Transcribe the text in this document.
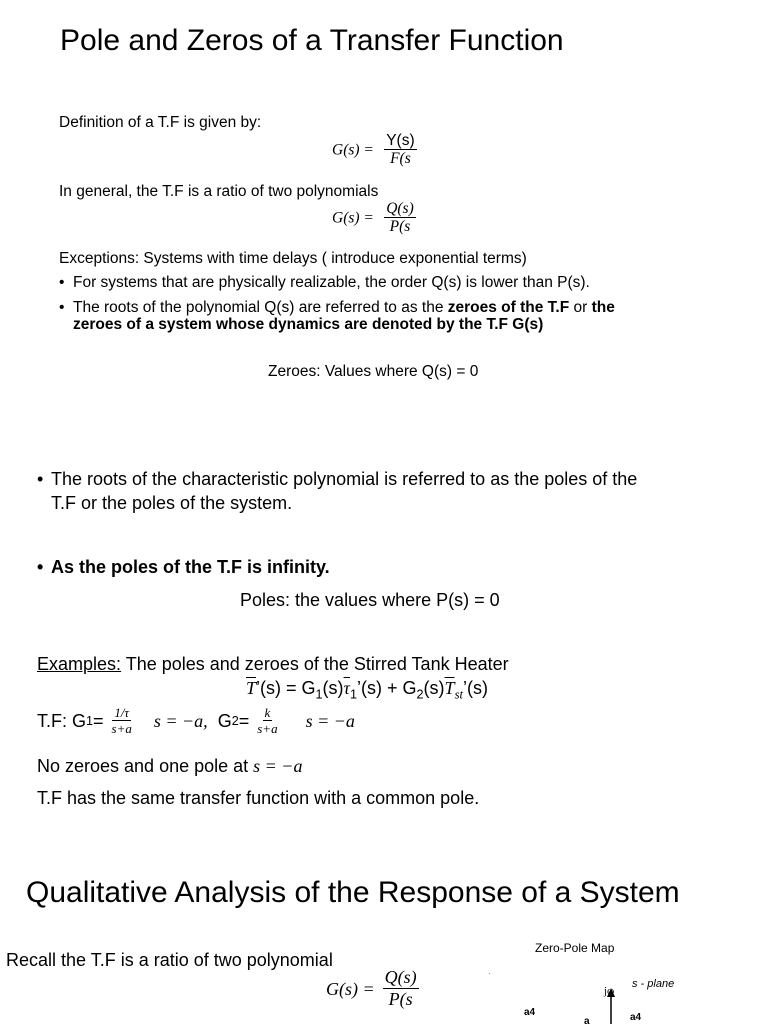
Pole and Zeros of a Transfer Function
Definition of a T.F is given by:
$G(s) = \frac{Y(s)}{F(s}$
In general, the T.F is a ratio of two polynomials
$G(s) = \frac{Q(s)}{P(s}$
Exceptions: Systems with time delays ( introduce exponential terms)
• For systems that are physically realizable, the order Q(s) is lower than P(s).
• The roots of the polynomial Q(s) are referred to as the zeroes of the T.F or the
zeroes of a system whose dynamics are denoted by the T.F G(s)
Zeroes: Values where Q(s) = 0
• The roots of the characteristic polynomial is referred to as the poles of the
T.F or the poles of the system.
• As the poles of the T.F is infinity.
Poles: the values where P(s) = 0
Examples: The poles and zeroes of the Stirred Tank Heater
$\overline{T}’(s)$ = $G_1(s)\overline{\tau}_1’(s)$ + $G_2(s)\overline{T}_{st}’(s)$
T.F: G $1 = \frac{1/\tau}{s+a}$ s = −a, G $2 = \frac{k}{s+a}$ s = −a
No zeroes and one pole at s = −a
T.F has the same transfer function with a common pole.
Qualitative Analysis of the Response of a System
Recall the T.F is a ratio of two polynomial
$G(s) = \frac{Q(s)}{P(s}$
Zero-Pole Map
·
jω
s - plane
a4
a	a4
